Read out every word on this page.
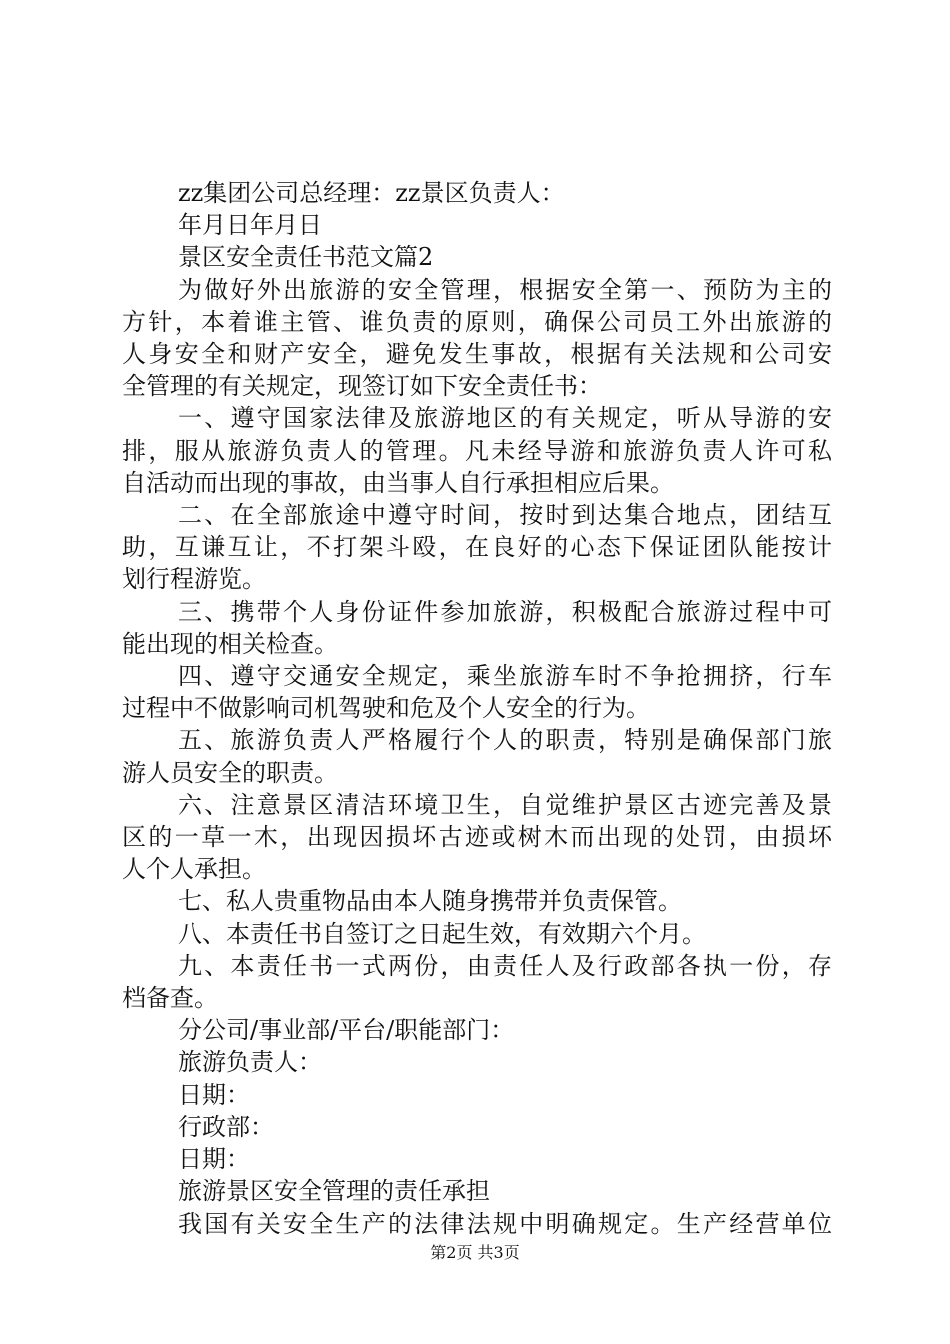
zz集团公司总经理：zz景区负责人：
年月日年月日
景区安全责任书范文篇2
为做好外出旅游的安全管理，根据安全第一、预防为主的
方针，本着谁主管、谁负责的原则，确保公司员工外出旅游的
人身安全和财产安全，避免发生事故，根据有关法规和公司安
全管理的有关规定，现签订如下安全责任书：
一、遵守国家法律及旅游地区的有关规定，听从导游的安
排，服从旅游负责人的管理。凡未经导游和旅游负责人许可私
自活动而出现的事故，由当事人自行承担相应后果。
二、在全部旅途中遵守时间，按时到达集合地点，团结互
助，互谦互让，不打架斗殴，在良好的心态下保证团队能按计
划行程游览。
三、携带个人身份证件参加旅游，积极配合旅游过程中可
能出现的相关检查。
四、遵守交通安全规定，乘坐旅游车时不争抢拥挤，行车
过程中不做影响司机驾驶和危及个人安全的行为。
五、旅游负责人严格履行个人的职责，特别是确保部门旅
游人员安全的职责。
六、注意景区清洁环境卫生，自觉维护景区古迹完善及景
区的一草一木，出现因损坏古迹或树木而出现的处罚，由损坏
人个人承担。
七、私人贵重物品由本人随身携带并负责保管。
八、本责任书自签订之日起生效，有效期六个月。
九、本责任书一式两份，由责任人及行政部各执一份，存
档备查。
分公司/事业部/平台/职能部门：
旅游负责人：
日期：
行政部：
日期：
旅游景区安全管理的责任承担
我国有关安全生产的法律法规中明确规定。生产经营单位
第2页 共3页
